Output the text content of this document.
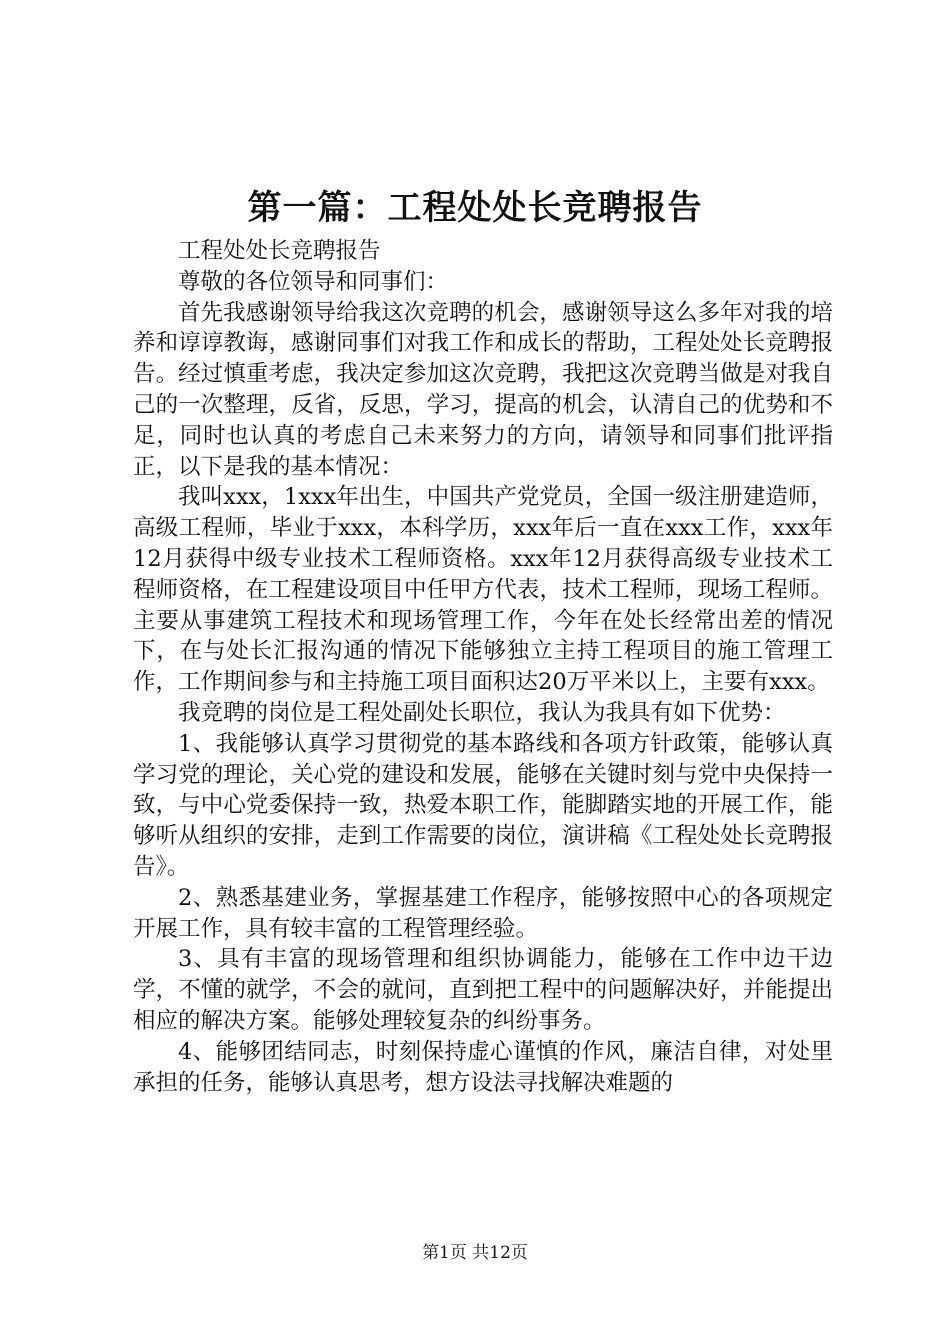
第一篇：工程处处长竞聘报告

工程处处长竞聘报告

尊敬的各位领导和同事们：

首先我感谢领导给我这次竞聘的机会，感谢领导这么多年对我的培养和谆谆教诲，感谢同事们对我工作和成长的帮助，工程处处长竞聘报告。经过慎重考虑，我决定参加这次竞聘，我把这次竞聘当做是对我自己的一次整理，反省，反思，学习，提高的机会，认清自己的优势和不足，同时也认真的考虑自己未来努力的方向，请领导和同事们批评指正，以下是我的基本情况：

我叫xxx，1xxx年出生，中国共产党党员，全国一级注册建造师，高级工程师，毕业于xxx，本科学历，xxx年后一直在xxx工作，xxx年12月获得中级专业技术工程师资格。xxx年12月获得高级专业技术工程师资格，在工程建设项目中任甲方代表，技术工程师，现场工程师。主要从事建筑工程技术和现场管理工作，今年在处长经常出差的情况下，在与处长汇报沟通的情况下能够独立主持工程项目的施工管理工作，工作期间参与和主持施工项目面积达20万平米以上，主要有xxx。

我竞聘的岗位是工程处副处长职位，我认为我具有如下优势：

1、我能够认真学习贯彻党的基本路线和各项方针政策，能够认真学习党的理论，关心党的建设和发展，能够在关键时刻与党中央保持一致，与中心党委保持一致，热爱本职工作，能脚踏实地的开展工作，能够听从组织的安排，走到工作需要的岗位，演讲稿《工程处处长竞聘报告》。

2、熟悉基建业务，掌握基建工作程序，能够按照中心的各项规定开展工作，具有较丰富的工程管理经验。

3、具有丰富的现场管理和组织协调能力，能够在工作中边干边学，不懂的就学，不会的就问，直到把工程中的问题解决好，并能提出相应的解决方案。能够处理较复杂的纠纷事务。

4、能够团结同志，时刻保持虚心谨慎的作风，廉洁自律，对处里承担的任务，能够认真思考，想方设法寻找解决难题的

第1页 共12页
